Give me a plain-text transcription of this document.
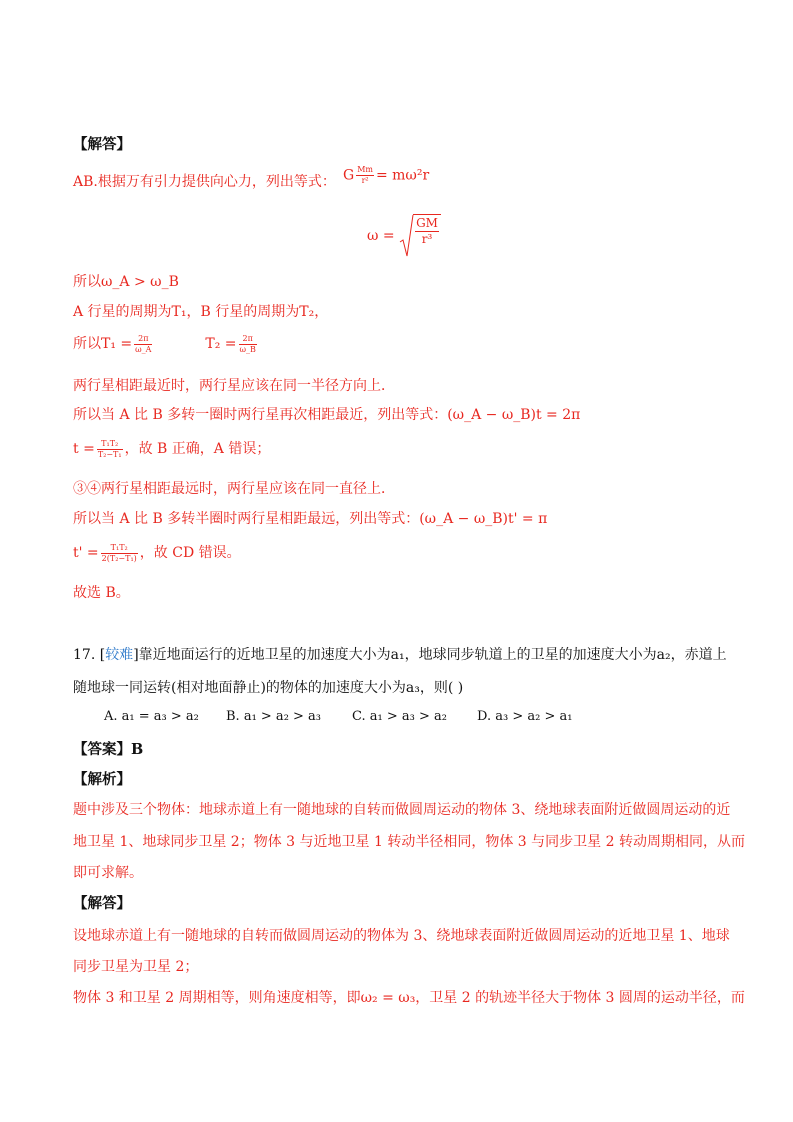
【解答】
AB.根据万有引力提供向心力，列出等式： G $\frac{Mm}{\text{r²}} = m\omega^2r$
$\omega = \frac{GM}{\text{r³}}$
所以ω_A > ω_B
A 行星的周期为T₁，B 行星的周期为T₂，
所以$T_1 = \frac{2\pi}{\omega\_A}$	$T_2 = \frac{2\pi}{\omega\_B}$
两行星相距最近时，两行星应该在同一半径方向上．
所以当 A 比 B 多转一圈时两行星再次相距最近，列出等式：(ω_A − ω_B)t = 2π
$t = \frac{\text{T₁T₂}}{\text{T₂−T₁}}$ ，故 B 正确，A 错误；
③④两行星相距最远时，两行星应该在同一直径上．
所以当 A 比 B 多转半圈时两行星相距最远，列出等式：(ω_A − ω_B)t' = π
$t' = \frac{\text{T₁T₂}}{\text{2(T₂−T₁)}}$ ，故 CD 错误。
故选 B。
17. [较难]靠近地面运行的近地卫星的加速度大小为a₁，地球同步轨道上的卫星的加速度大小为a₂，赤道上
随地球一同运转(相对地面静止)的物体的加速度大小为a₃，则( )
A. a₁ = a₃ > a₂ B. a₁ > a₂ > a₃ C. a₁ > a₃ > a₂ D. a₃ > a₂ > a₁
【答案】B
【解析】
题中涉及三个物体：地球赤道上有一随地球的自转而做圆周运动的物体 3、绕地球表面附近做圆周运动的近
地卫星 1、地球同步卫星 2；物体 3 与近地卫星 1 转动半径相同，物体 3 与同步卫星 2 转动周期相同，从而
即可求解。
【解答】
设地球赤道上有一随地球的自转而做圆周运动的物体为 3、绕地球表面附近做圆周运动的近地卫星 1、地球
同步卫星为卫星 2；
物体 3 和卫星 2 周期相等，则角速度相等，即ω₂ = ω₃，卫星 2 的轨迹半径大于物体 3 圆周的运动半径，而
